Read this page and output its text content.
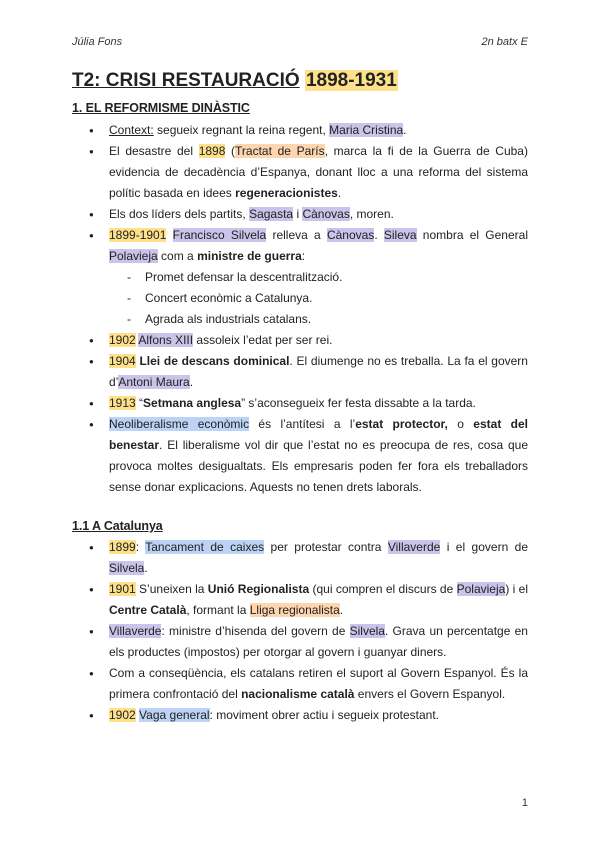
Júlia Fons	2n batx E
T2: CRISI RESTAURACIÓ 1898-1931
1. EL REFORMISME DINÀSTIC
● Context: segueix regnant la reina regent, Maria Cristina.
● El desastre del 1898 (Tractat de París, marca la fi de la Guerra de Cuba) evidencia de decadència d’Espanya, donant lloc a una reforma del sistema polític basada en idees regeneracionistes.
● Els dos líders dels partits, Sagasta i Cànovas, moren.
● 1899-1901 Francisco Silvela relleva a Cànovas. Sileva nombra el General Polavieja com a ministre de guerra:
- Promet defensar la descentralització.
- Concert econòmic a Catalunya.
- Agrada als industrials catalans.
● 1902 Alfons XIII assoleix l’edat per ser rei.
● 1904 Llei de descans dominical. El diumenge no es treballa. La fa el govern d’Antoni Maura.
● 1913 “Setmana anglesa” s’aconsegueix fer festa dissabte a la tarda.
● Neoliberalisme econòmic és l’antítesi a l’estat protector, o estat del benestar. El liberalisme vol dir que l’estat no es preocupa de res, cosa que provoca moltes desigualtats. Els empresaris poden fer fora els treballadors sense donar explicacions. Aquests no tenen drets laborals.
1.1 A Catalunya
● 1899: Tancament de caixes per protestar contra Villaverde i el govern de Silvela.
● 1901 S’uneixen la Unió Regionalista (qui compren el discurs de Polavieja) i el Centre Català, formant la Lliga regionalista.
● Villaverde: ministre d’hisenda del govern de Silvela. Grava un percentatge en els productes (impostos) per otorgar al govern i guanyar diners.
● Com a conseqüència, els catalans retiren el suport al Govern Espanyol. És la primera confrontació del nacionalisme català envers el Govern Espanyol.
● 1902 Vaga general: moviment obrer actiu i segueix protestant.
1
